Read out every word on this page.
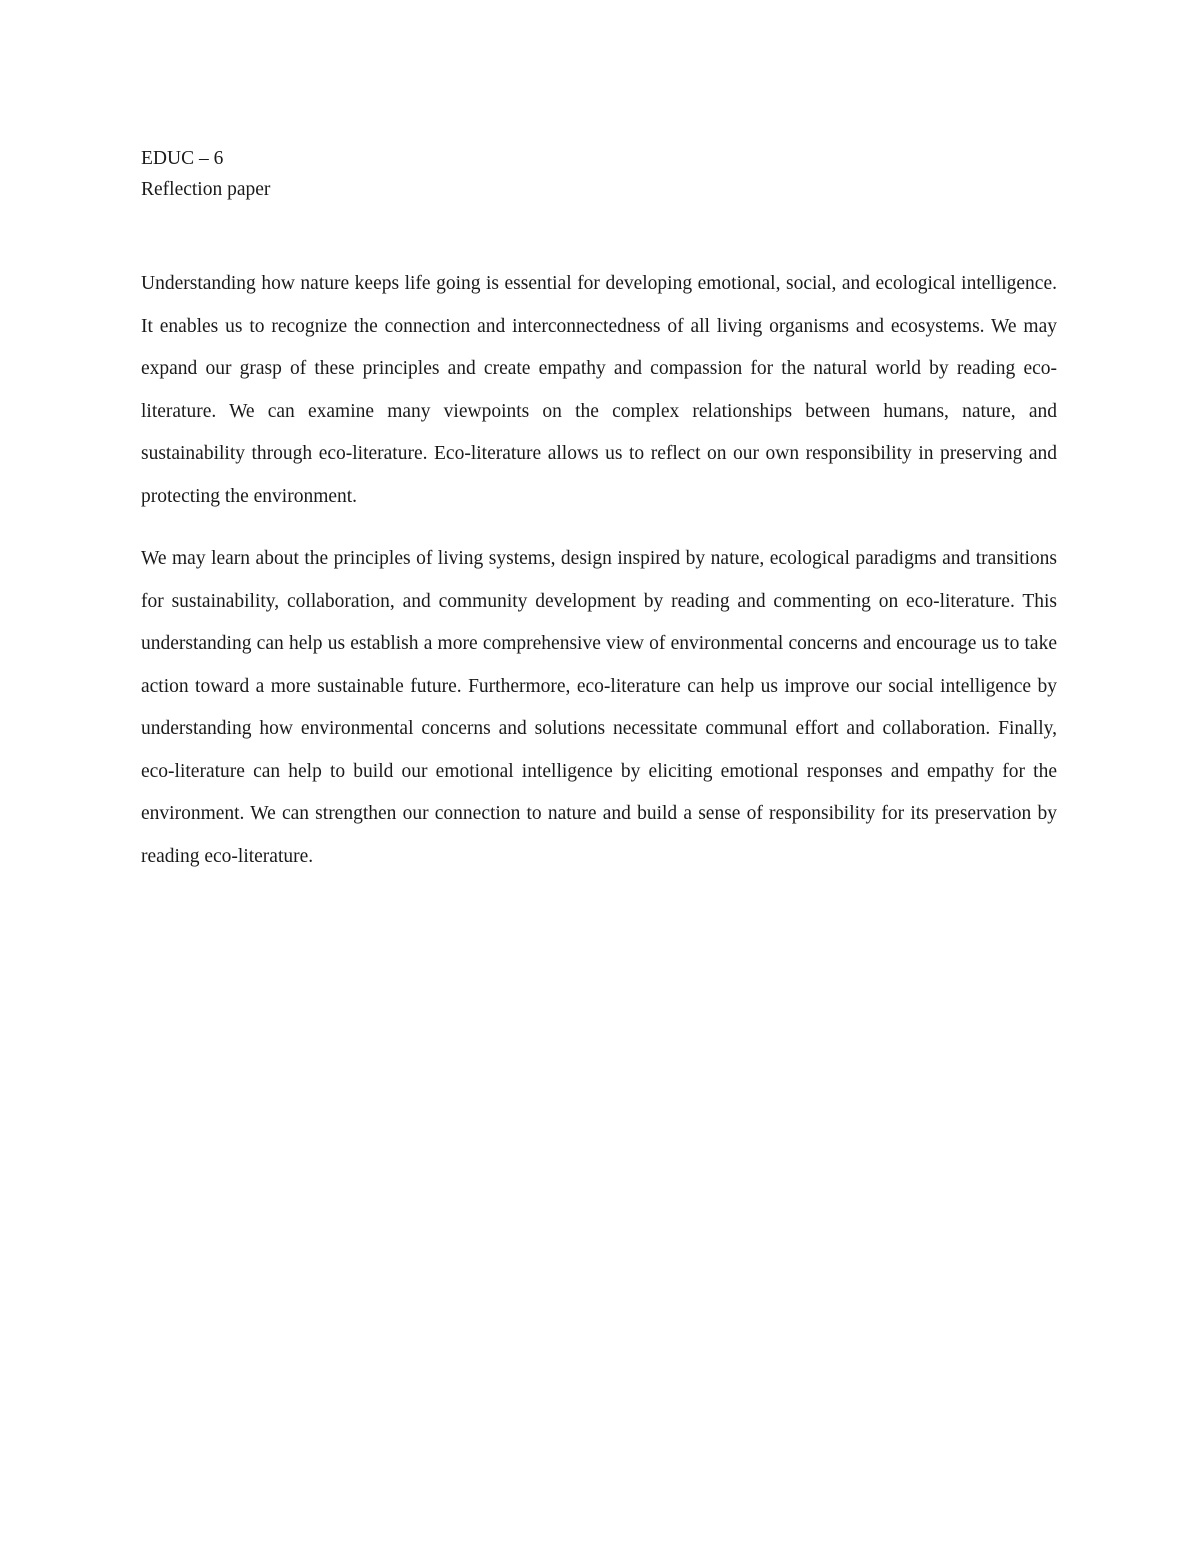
EDUC – 6
Reflection paper

Understanding how nature keeps life going is essential for developing emotional, social, and ecological intelligence. It enables us to recognize the connection and interconnectedness of all living organisms and ecosystems. We may expand our grasp of these principles and create empathy and compassion for the natural world by reading eco-literature. We can examine many viewpoints on the complex relationships between humans, nature, and sustainability through eco-literature. Eco-literature allows us to reflect on our own responsibility in preserving and protecting the environment.

We may learn about the principles of living systems, design inspired by nature, ecological paradigms and transitions for sustainability, collaboration, and community development by reading and commenting on eco-literature. This understanding can help us establish a more comprehensive view of environmental concerns and encourage us to take action toward a more sustainable future. Furthermore, eco-literature can help us improve our social intelligence by understanding how environmental concerns and solutions necessitate communal effort and collaboration. Finally, eco-literature can help to build our emotional intelligence by eliciting emotional responses and empathy for the environment. We can strengthen our connection to nature and build a sense of responsibility for its preservation by reading eco-literature.
